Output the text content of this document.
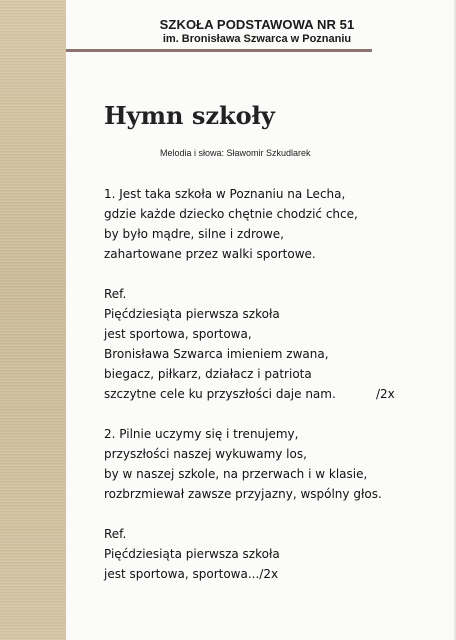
SZKOŁA PODSTAWOWA NR 51
im. Bronisława Szwarca w Poznaniu
Hymn szkoły
Melodia i słowa: Sławomir Szkudlarek
1. Jest taka szkoła w Poznaniu na Lecha,
gdzie każde dziecko chętnie chodzić chce,
by było mądre, silne i zdrowe,
zahartowane przez walki sportowe.
Ref.
Pięćdziesiąta pierwsza szkoła
jest sportowa, sportowa,
Bronisława Szwarca imieniem zwana,
biegacz, piłkarz, działacz i patriota
szczytne cele ku przyszłości daje nam.	/2x
2. Pilnie uczymy się i trenujemy,
przyszłości naszej wykuwamy los,
by w naszej szkole, na przerwach i w klasie,
rozbrzmiewał zawsze przyjazny, wspólny głos.
Ref.
Pięćdziesiąta pierwsza szkoła
jest sportowa, sportowa.../2x
